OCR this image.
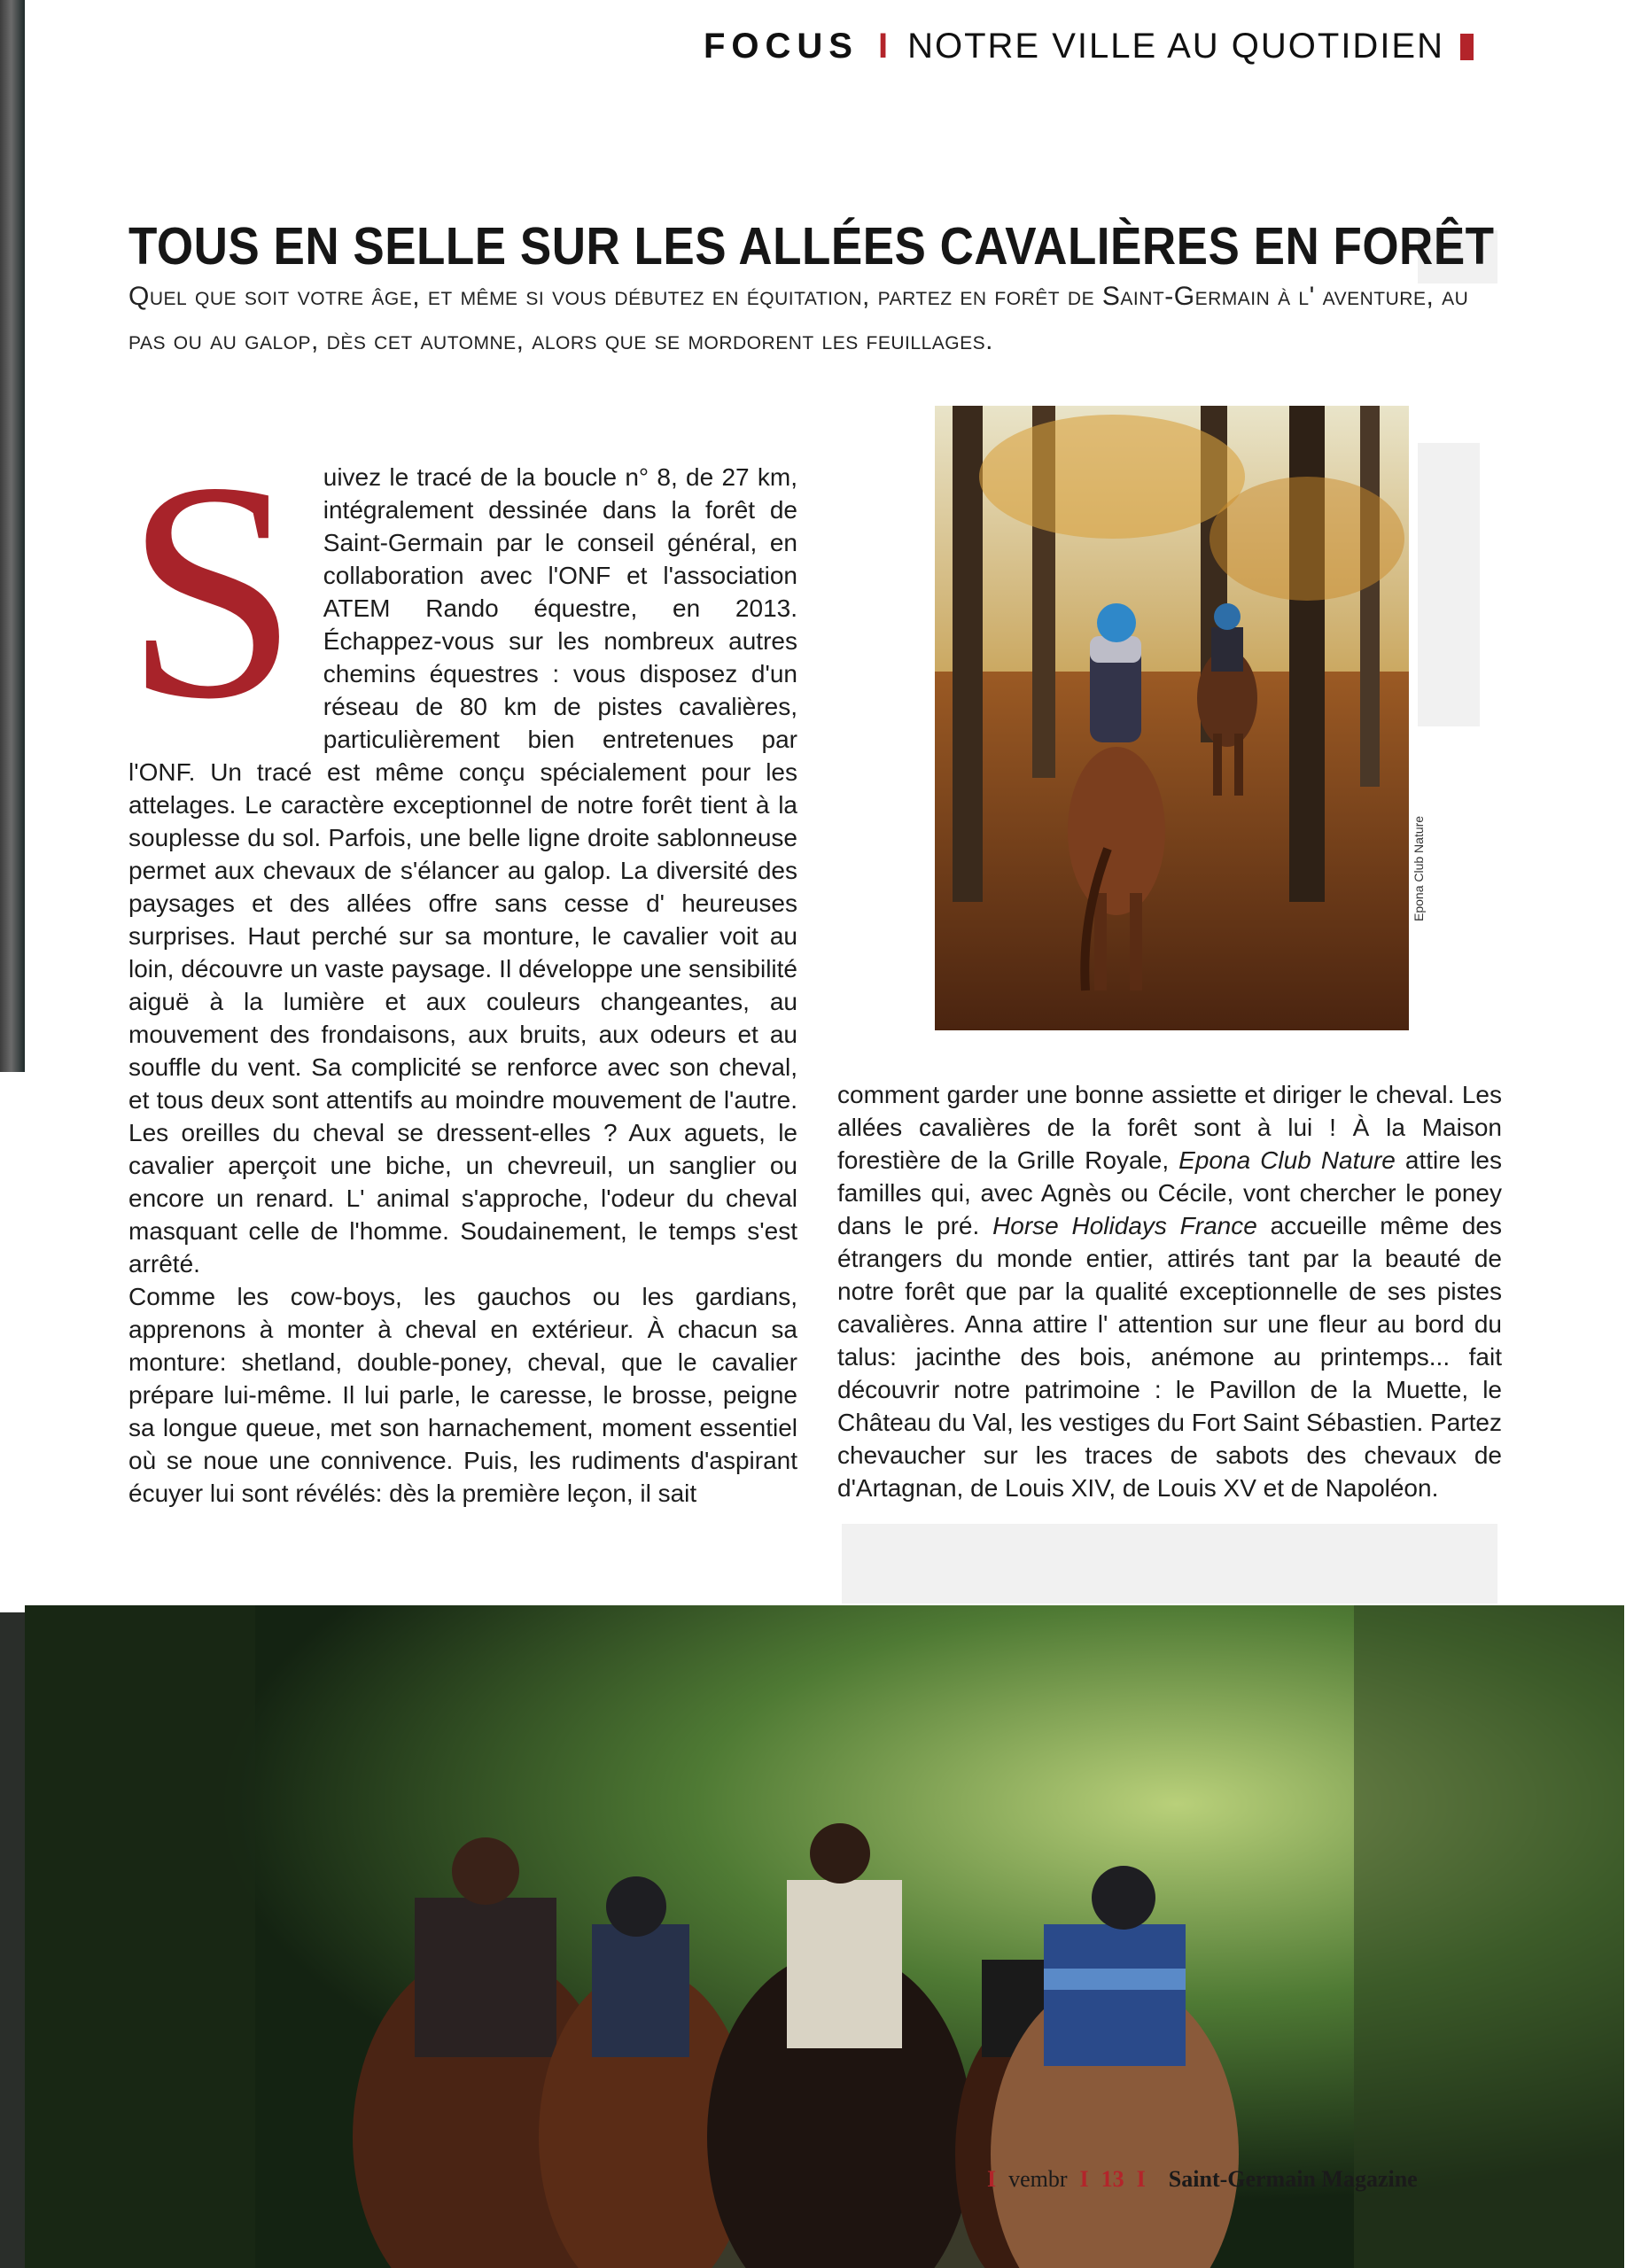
FOCUS I NOTRE VILLE AU QUOTIDIEN
TOUS EN SELLE SUR LES ALLÉES CAVALIÈRES EN FORÊT

Quel que soit votre âge, et même si vous débutez en équitation, partez en forêt de Saint-Germain à l' aventure, au pas ou au galop, dès cet automne, alors que se mordorent les feuillages.

S	uivez le tracé de la boucle n° 8, de 27 km, intégralement dessinée dans la forêt de Saint-Germain par le conseil général, en collaboration avec l'ONF et l'association ATEM Rando équestre, en 2013. Échappez-vous sur les nombreux autres chemins équestres : vous disposez d'un réseau de 80 km de pistes cavalières, particulièrement bien entretenues par l'ONF. Un tracé est même conçu spécialement pour les attelages. Le caractère exceptionnel de notre forêt tient à la souplesse du sol. Parfois, une belle ligne droite sablonneuse permet aux chevaux de s'élancer au galop. La diversité des paysages et des allées offre sans cesse d' heureuses surprises. Haut perché sur sa monture, le cavalier voit au loin, découvre un vaste paysage. Il développe une sensibilité aiguë à la lumière et aux couleurs changeantes, au mouvement des frondaisons, aux bruits, aux odeurs et au souffle du vent. Sa complicité se renforce avec son cheval, et tous deux sont attentifs au moindre mouvement de l'autre. Les oreilles du cheval se dressent-elles ? Aux aguets, le cavalier aperçoit une biche, un chevreuil, un sanglier ou encore un renard. L' animal s'approche, l'odeur du cheval masquant celle de l'homme. Soudainement, le temps s'est arrêté.

Comme les cow-boys, les gauchos ou les gardians, apprenons à monter à cheval en extérieur. À chacun sa monture: shetland, double-poney, cheval, que le cavalier prépare lui-même. Il lui parle, le caresse, le brosse, peigne sa longue queue, met son harnachement, moment essentiel où se noue une connivence. Puis, les rudiments d'aspirant écuyer lui sont révélés: dès la première leçon, il sait

Epona Club Nature

comment garder une bonne assiette et diriger le cheval. Les allées cavalières de la forêt sont à lui ! À la Maison forestière de la Grille Royale, Epona Club Nature attire les familles qui, avec Agnès ou Cécile, vont chercher le poney dans le pré. Horse Holidays France accueille même des étrangers du monde entier, attirés tant par la beauté de notre forêt que par la qualité exceptionnelle de ses pistes cavalières. Anna attire l' attention sur une fleur au bord du talus: jacinthe des bois, anémone au printemps... fait découvrir notre patrimoine : le Pavillon de la Muette, le Château du Val, les vestiges du Fort Saint Sébastien. Partez chevaucher sur les traces de sabots des chevaux de d'Artagnan, de Louis XIV, de Louis XV et de Napoléon.

I vembr I 13 I Saint-Germain Magazine
